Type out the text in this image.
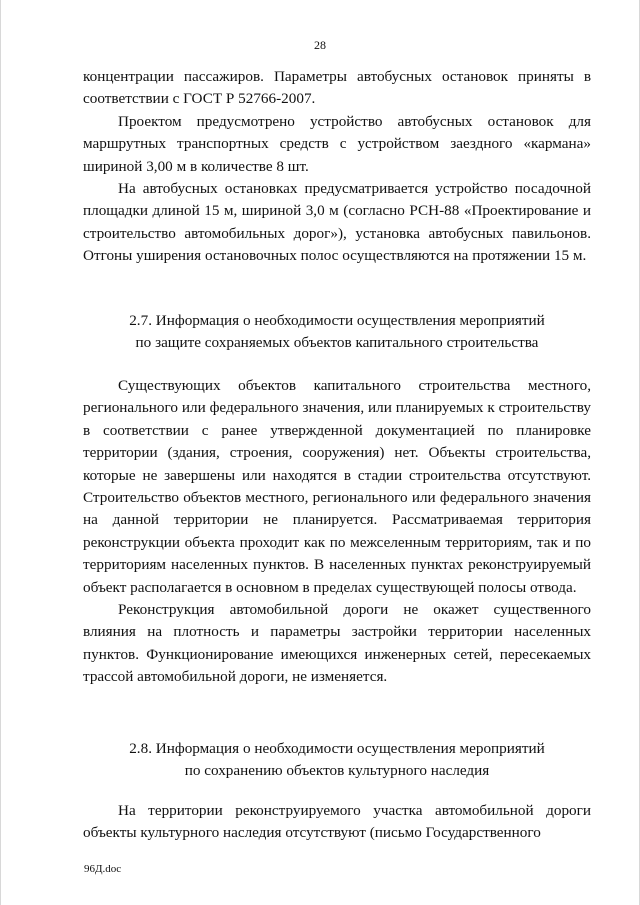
28

концентрации пассажиров. Параметры автобусных остановок приняты в соответствии с ГОСТ Р 52766-2007.

Проектом предусмотрено устройство автобусных остановок для маршрутных транспортных средств с устройством заездного «кармана» шириной 3,00 м в количестве 8 шт.

На автобусных остановках предусматривается устройство посадочной площадки длиной 15 м, шириной 3,0 м (согласно РСН-88 «Проектирование и строительство автомобильных дорог»), установка автобусных павильонов. Отгоны уширения остановочных полос осуществляются на протяжении 15 м.

2.7. Информация о необходимости осуществления мероприятий

по защите сохраняемых объектов капитального строительства

Существующих объектов капитального строительства местного, регионального или федерального значения, или планируемых к строительству в соответствии с ранее утвержденной документацией по планировке территории (здания, строения, сооружения) нет. Объекты строительства, которые не завершены или находятся в стадии строительства отсутствуют. Строительство объектов местного, регионального или федерального значения на данной территории не планируется. Рассматриваемая территория реконструкции объекта проходит как по межселенным территориям, так и по территориям населенных пунктов. В населенных пунктах реконструируемый объект располагается в основном в пределах существующей полосы отвода.

Реконструкция автомобильной дороги не окажет существенного влияния на плотность и параметры застройки территории населенных пунктов. Функционирование имеющихся инженерных сетей, пересекаемых трассой автомобильной дороги, не изменяется.

2.8. Информация о необходимости осуществления мероприятий

по сохранению объектов культурного наследия

На территории реконструируемого участка автомобильной дороги объекты культурного наследия отсутствуют (письмо Государственного

96Д.doc
